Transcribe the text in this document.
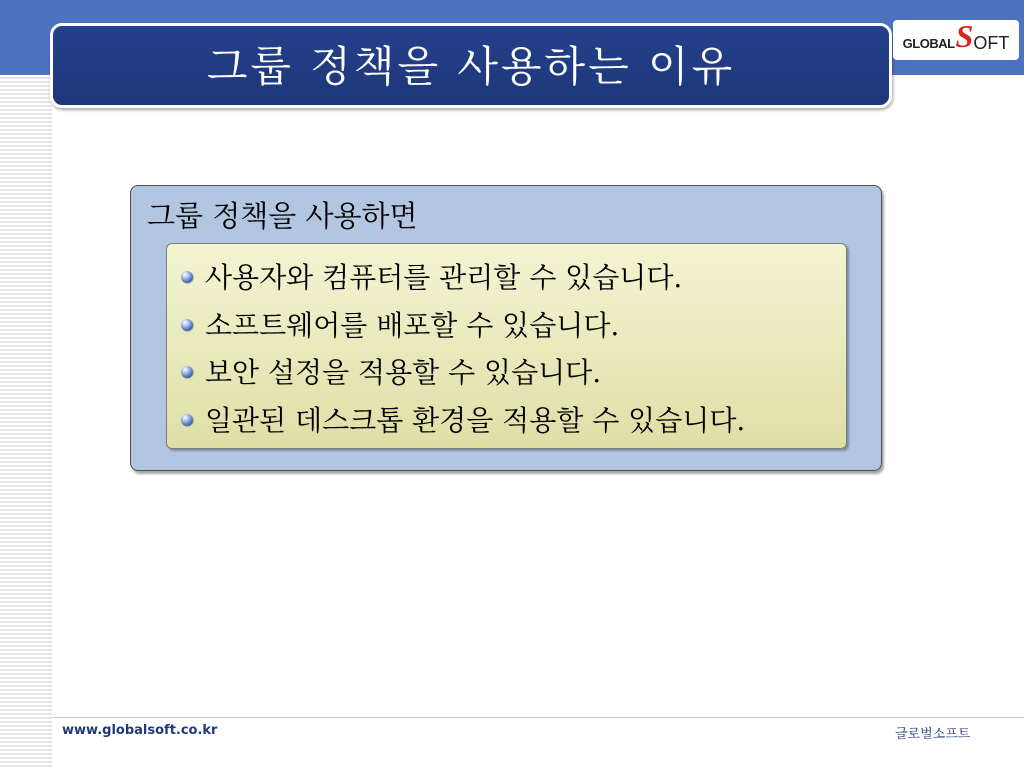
그룹 정책을 사용하는 이유	GLOBAL S OFT
그룹 정책을 사용하면
사용자와 컴퓨터를 관리할 수 있습니다.
소프트웨어를 배포할 수 있습니다.
보안 설정을 적용할 수 있습니다.
일관된 데스크톱 환경을 적용할 수 있습니다.
www.globalsoft.co.kr	글로벌소프트
